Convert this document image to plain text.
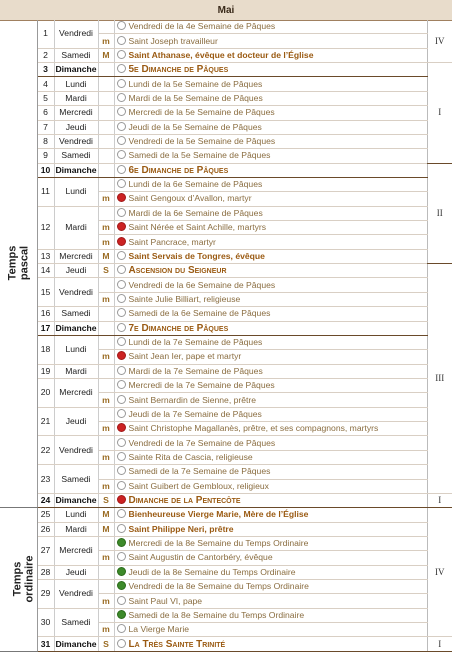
Mai
Temps pascal	1	Vendredi		Vendredi de la 4e Semaine de Pâques	IV
			m	Saint Joseph travailleur	
	2	Samedi	M	Saint Athanase, évêque et docteur de l’Église	
	3	Dimanche		5e Dimanche de Pâques	I
	4	Lundi		Lundi de la 5e Semaine de Pâques	
	5	Mardi		Mardi de la 5e Semaine de Pâques	
	6	Mercredi		Mercredi de la 5e Semaine de Pâques	
	7	Jeudi		Jeudi de la 5e Semaine de Pâques	
	8	Vendredi		Vendredi de la 5e Semaine de Pâques	
	9	Samedi		Samedi de la 5e Semaine de Pâques	
	10	Dimanche		6e Dimanche de Pâques	II
	11	Lundi		Lundi de la 6e Semaine de Pâques	
			m	Saint Gengoux d’Avallon, martyr	
	12	Mardi		Mardi de la 6e Semaine de Pâques	
			m	Saint Nérée et Saint Achille, martyrs	
			m	Saint Pancrace, martyr	
	13	Mercredi	M	Saint Servais de Tongres, évêque	
	14	Jeudi	S	Ascension du Seigneur	III
	15	Vendredi		Vendredi de la 6e Semaine de Pâques	
			m	Sainte Julie Billiart, religieuse	
	16	Samedi		Samedi de la 6e Semaine de Pâques	
	17	Dimanche		7e Dimanche de Pâques	
	18	Lundi		Lundi de la 7e Semaine de Pâques	
			m	Saint Jean Ier, pape et martyr	
	19	Mardi		Mardi de la 7e Semaine de Pâques	
	20	Mercredi		Mercredi de la 7e Semaine de Pâques	
			m	Saint Bernardin de Sienne, prêtre	
	21	Jeudi		Jeudi de la 7e Semaine de Pâques	
			m	Saint Christophe Magallanès, prêtre, et ses compagnons, martyrs	
	22	Vendredi		Vendredi de la 7e Semaine de Pâques	
			m	Sainte Rita de Cascia, religieuse	
	23	Samedi		Samedi de la 7e Semaine de Pâques	
			m	Saint Guibert de Gembloux, religieux	
	24	Dimanche	S	Dimanche de la Pentecôte	I

Temps ordinaire	25	Lundi	M	Bienheureuse Vierge Marie, Mère de l’Église	IV
	26	Mardi	M	Saint Philippe Neri, prêtre	
	27	Mercredi		Mercredi de la 8e Semaine du Temps Ordinaire	
			m	Saint Augustin de Cantorbéry, évêque	
	28	Jeudi		Jeudi de la 8e Semaine du Temps Ordinaire	
	29	Vendredi		Vendredi de la 8e Semaine du Temps Ordinaire	
			m	Saint Paul VI, pape	
	30	Samedi		Samedi de la 8e Semaine du Temps Ordinaire	
			m	La Vierge Marie	
	31	Dimanche	S	La Très Sainte Trinité	I
